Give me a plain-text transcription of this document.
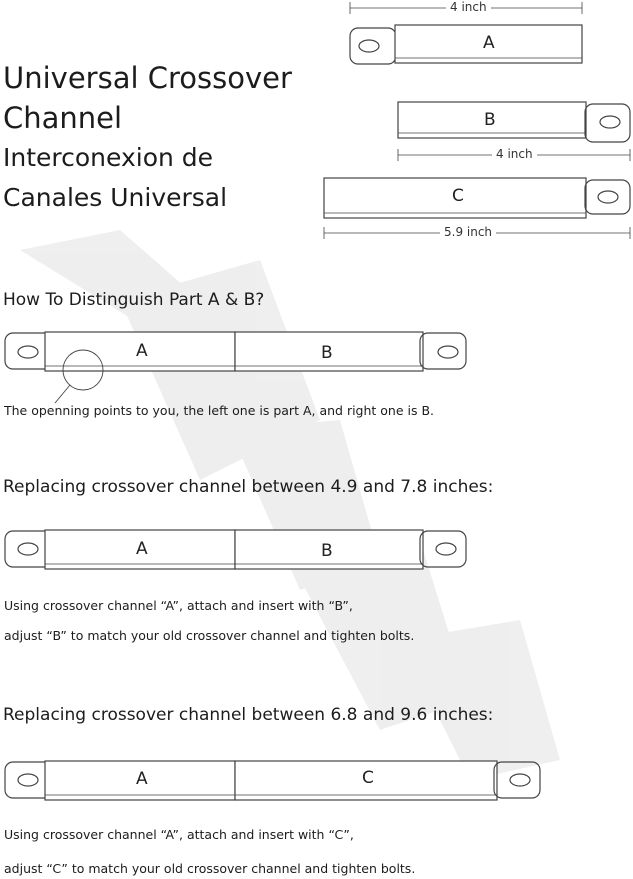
Universal Crossover
Channel
Interconexion de
Canales Universal
4 inch
4 inch
5.9 inch
A
B
C
How To Distinguish Part A & B?
A	B
The openning points to you, the left one is part A, and right one is B.
Replacing crossover channel between 4.9 and 7.8 inches:
A	B
Using crossover channel “A”, attach and insert with “B”,
adjust “B” to match your old crossover channel and tighten bolts.
Replacing crossover channel between 6.8 and 9.6 inches:
A	C
Using crossover channel “A”, attach and insert with “C”,
adjust “C” to match your old crossover channel and tighten bolts.
